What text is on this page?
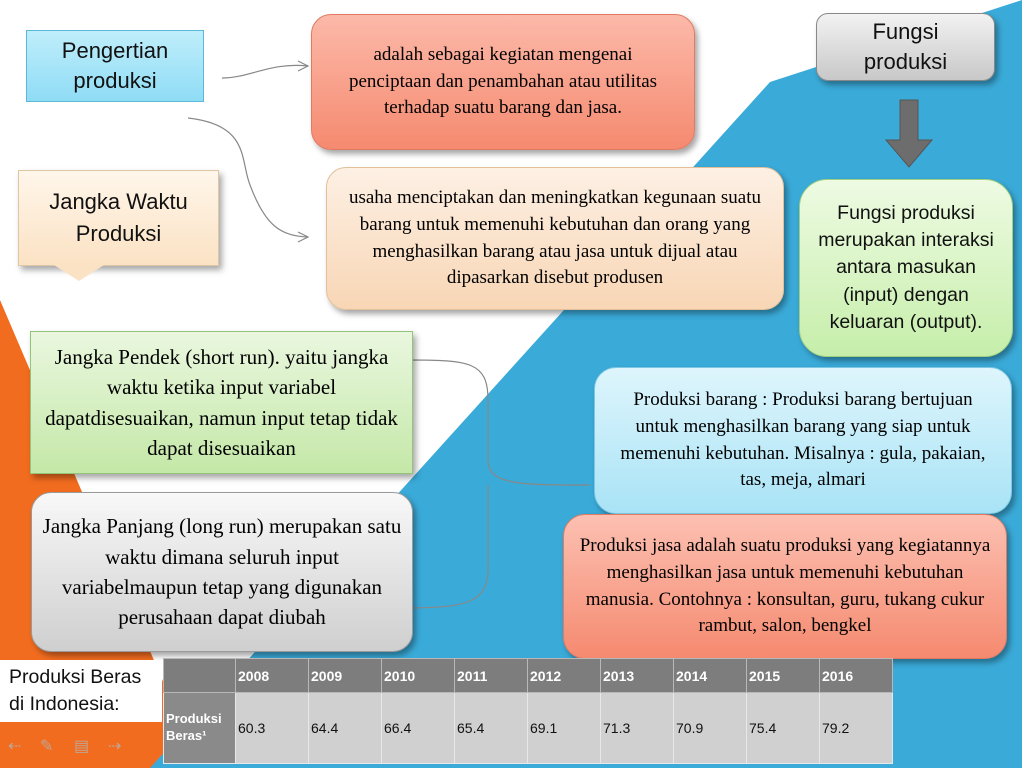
Pengertian produksi
adalah sebagai kegiatan mengenai penciptaan dan penambahan atau utilitas terhadap suatu barang dan jasa.
usaha menciptakan dan meningkatkan kegunaan suatu barang untuk memenuhi kebutuhan dan orang yang menghasilkan barang atau jasa untuk dijual atau dipasarkan disebut produsen
Jangka Waktu Produksi
Fungsi produksi
Fungsi produksi merupakan interaksi antara masukan (input) dengan keluaran (output).
Jangka Pendek (short run). yaitu jangka waktu ketika input variabel dapatdisesuaikan, namun input tetap tidak dapat disesuaikan
Jangka Panjang (long run) merupakan satu waktu dimana seluruh input variabelmaupun tetap yang digunakan perusahaan dapat diubah
Produksi barang : Produksi barang bertujuan untuk menghasilkan barang yang siap untuk memenuhi kebutuhan. Misalnya : gula, pakaian, tas, meja, almari
Produksi jasa adalah suatu produksi yang kegiatannya menghasilkan jasa untuk memenuhi kebutuhan manusia. Contohnya : konsultan, guru, tukang cukur rambut, salon, bengkel
Produksi Beras di Indonesia:
	2008	2009	2010	2011	2012	2013	2014	2015	2016
Produksi Beras¹	60.3	64.4	66.4	65.4	69.1	71.3	70.9	75.4	79.2
⇠ ✎ ▤ ⇢
